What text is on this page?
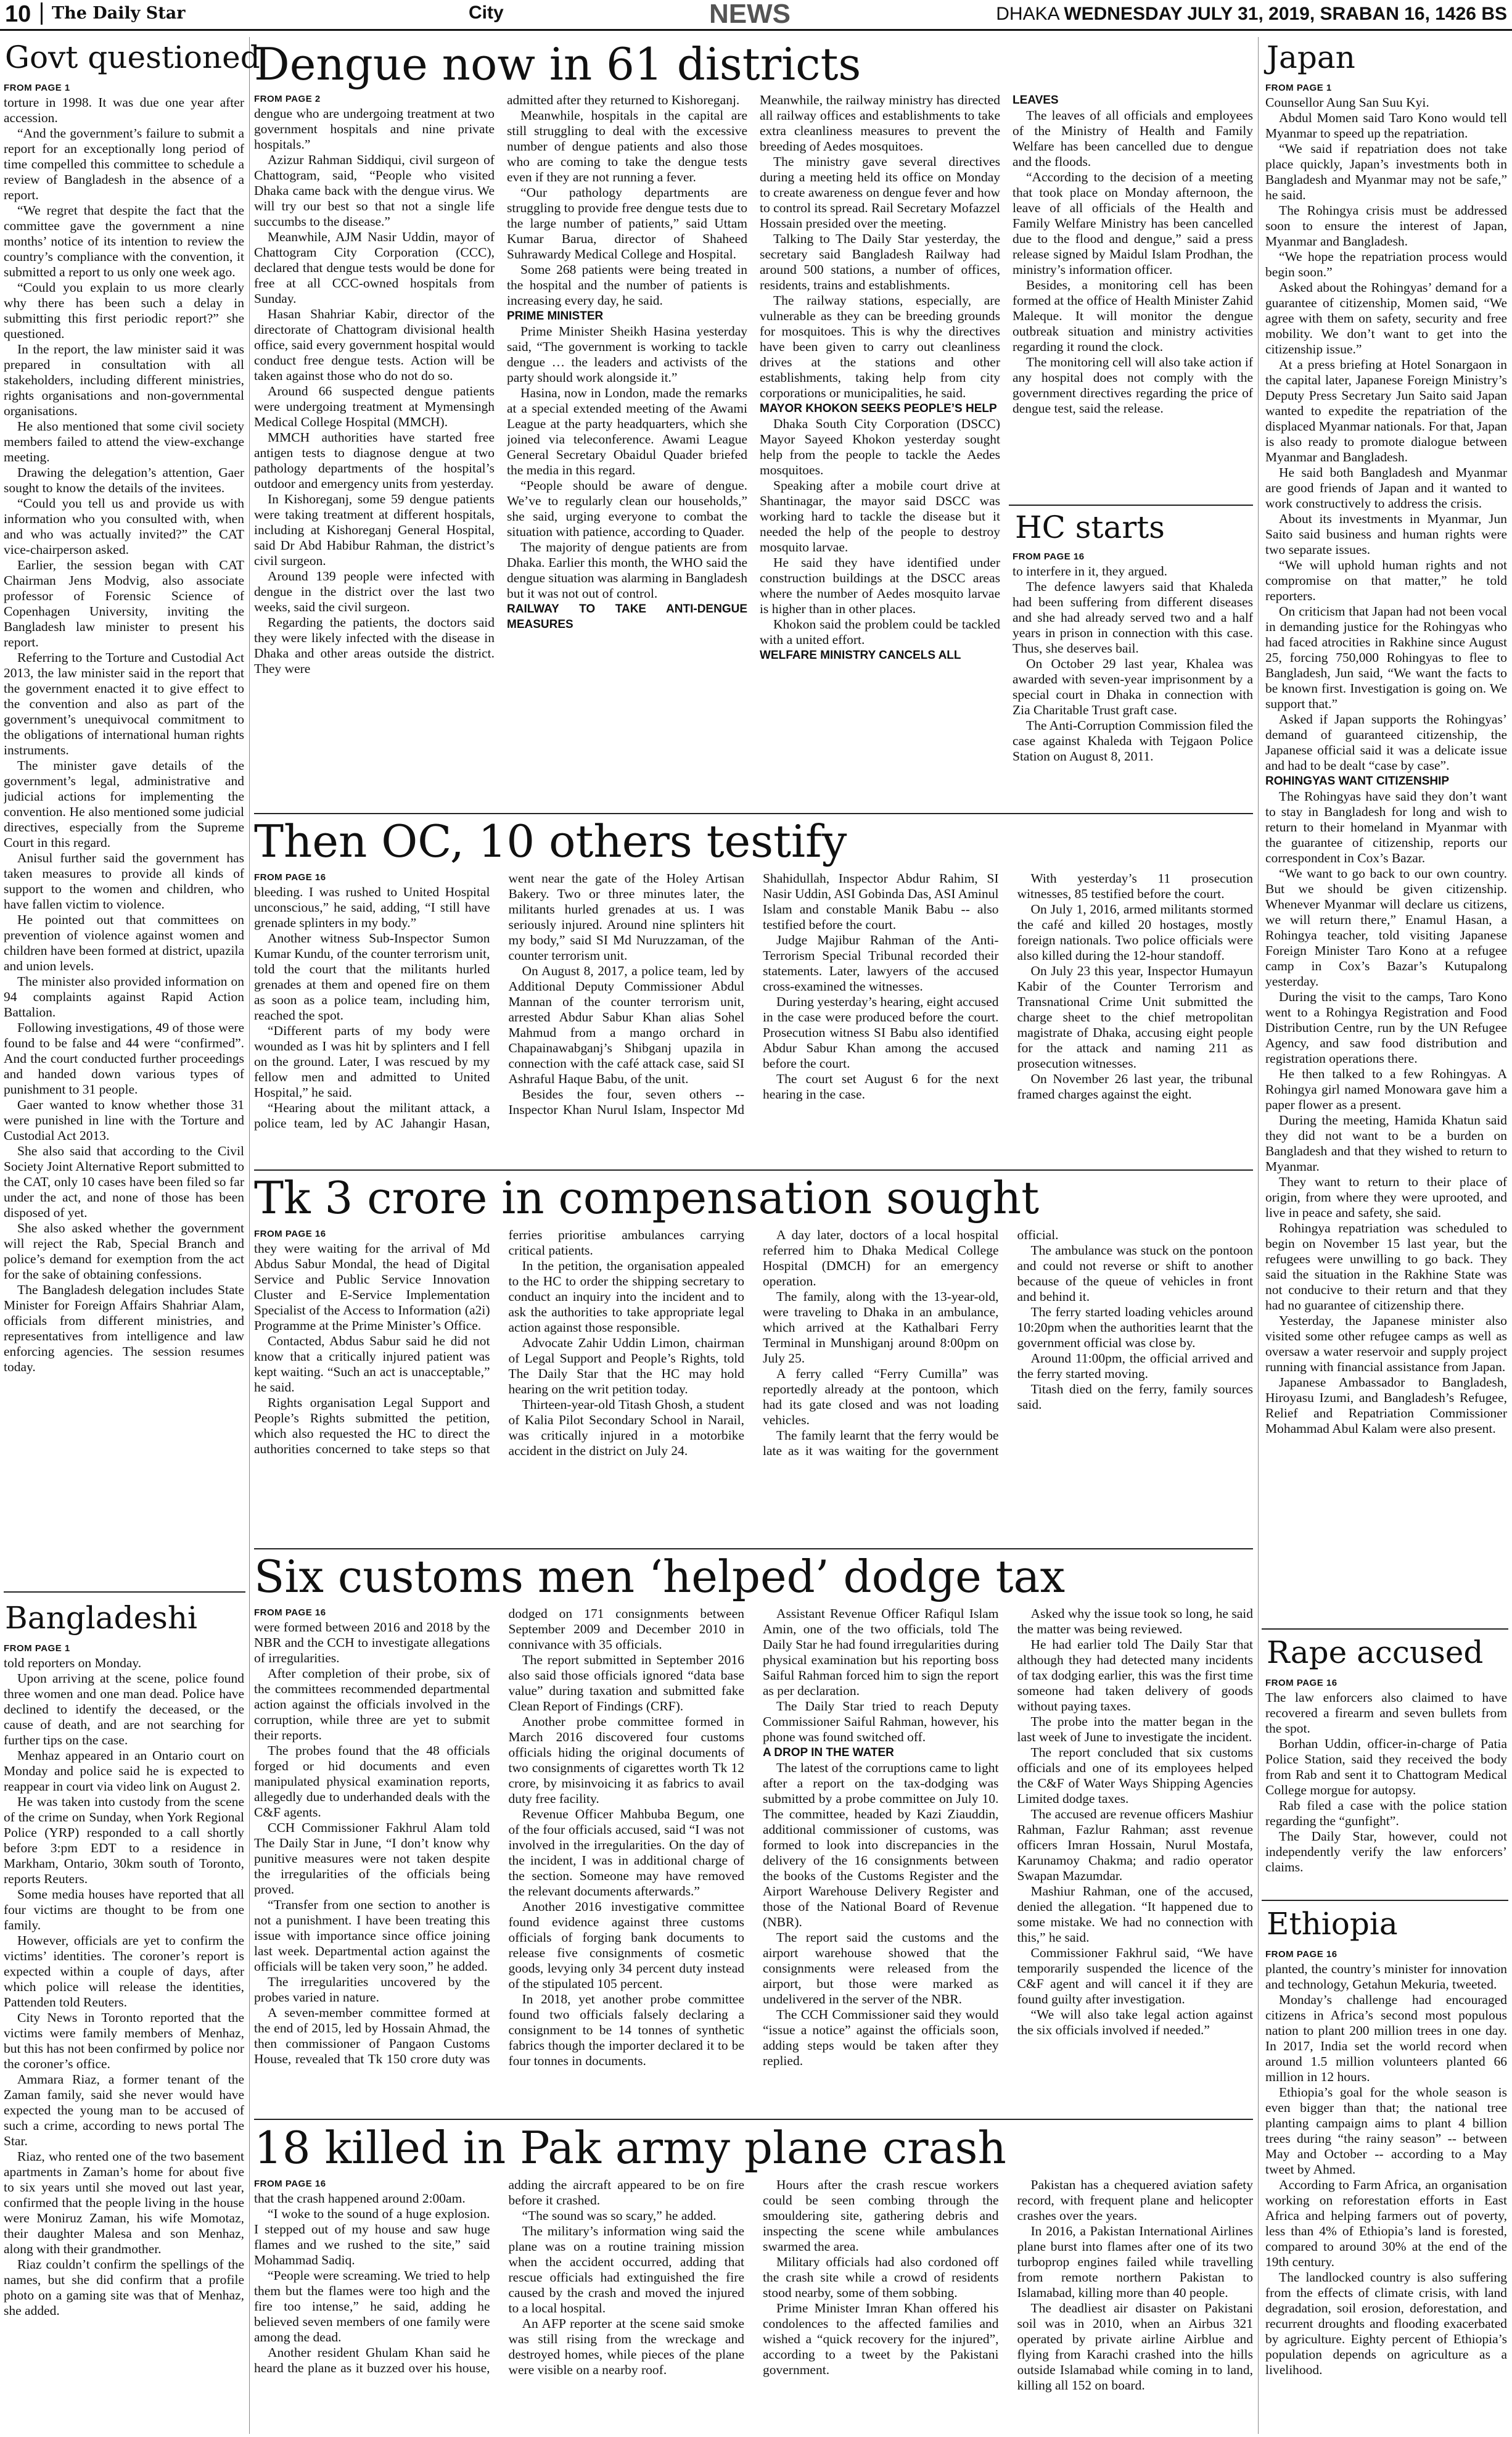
10 The Daily Star	City	NEWS	DHAKA WEDNESDAY JULY 31, 2019, SRABAN 16, 1426 BS
Govt questioned
Bangladeshi
Dengue now in 61 districts
HC starts
Japan
Rape accused
Ethiopia
Then OC, 10 others testify
Tk 3 crore in compensation sought
Six customs men ‘helped’ dodge tax
18 killed in Pak army plane crash

FROM PAGE 1

torture in 1998. It was due one year after accession.

“And the government’s failure to submit a report for an exceptionally long period of time compelled this committee to schedule a review of Bangladesh in the absence of a report.

“We regret that despite the fact that the committee gave the government a nine months’ notice of its intention to review the country’s compliance with the convention, it submitted a report to us only one week ago.

“Could you explain to us more clearly why there has been such a delay in submitting this first periodic report?” she questioned.

In the report, the law minister said it was prepared in consultation with all stakeholders, including different ministries, rights organisations and non-governmental organisations.

He also mentioned that some civil society members failed to attend the view-exchange meeting.

Drawing the delegation’s attention, Gaer sought to know the details of the invitees.

“Could you tell us and provide us with information who you consulted with, when and who was actually invited?” the CAT vice-chairperson asked.

Earlier, the session began with CAT Chairman Jens Modvig, also associate professor of Forensic Science of Copenhagen University, inviting the Bangladesh law minister to present his report.

Referring to the Torture and Custodial Act 2013, the law minister said in the report that the government enacted it to give effect to the convention and also as part of the government’s unequivocal commitment to the obligations of international human rights instruments.

The minister gave details of the government’s legal, administrative and judicial actions for implementing the convention. He also mentioned some judicial directives, especially from the Supreme Court in this regard.

Anisul further said the government has taken measures to provide all kinds of support to the women and children, who have fallen victim to violence.

He pointed out that committees on prevention of violence against women and children have been formed at district, upazila and union levels.

The minister also provided information on 94 complaints against Rapid Action Battalion.

Following investigations, 49 of those were found to be false and 44 were “confirmed”. And the court conducted further proceedings and handed down various types of punishment to 31 people.

Gaer wanted to know whether those 31 were punished in line with the Torture and Custodial Act 2013.

She also said that according to the Civil Society Joint Alternative Report submitted to the CAT, only 10 cases have been filed so far under the act, and none of those has been disposed of yet.

She also asked whether the government will reject the Rab, Special Branch and police’s demand for exemption from the act for the sake of obtaining confessions.

The Bangladesh delegation includes State Minister for Foreign Affairs Shahriar Alam, officials from different ministries, and representatives from intelligence and law enforcing agencies. The session resumes today.

FROM PAGE 1

told reporters on Monday.

Upon arriving at the scene, police found three women and one man dead. Police have declined to identify the deceased, or the cause of death, and are not searching for further tips on the case.

Menhaz appeared in an Ontario court on Monday and police said he is expected to reappear in court via video link on August 2.

He was taken into custody from the scene of the crime on Sunday, when York Regional Police (YRP) responded to a call shortly before 3:pm EDT to a residence in Markham, Ontario, 30km south of Toronto, reports Reuters.

Some media houses have reported that all four victims are thought to be from one family.

However, officials are yet to confirm the victims’ identities. The coroner’s report is expected within a couple of days, after which police will release the identities, Pattenden told Reuters.

City News in Toronto reported that the victims were family members of Menhaz, but this has not been confirmed by police nor the coroner’s office.

Ammara Riaz, a former tenant of the Zaman family, said she never would have expected the young man to be accused of such a crime, according to news portal The Star.

Riaz, who rented one of the two basement apartments in Zaman’s home for about five to six years until she moved out last year, confirmed that the people living in the house were Moniruz Zaman, his wife Momotaz, their daughter Malesa and son Menhaz, along with their grandmother.

Riaz couldn’t confirm the spellings of the names, but she did confirm that a profile photo on a gaming site was that of Menhaz, she added.

FROM PAGE 2

dengue who are undergoing treatment at two government hospitals and nine private hospitals.”

Azizur Rahman Siddiqui, civil surgeon of Chattogram, said, “People who visited Dhaka came back with the dengue virus. We will try our best so that not a single life succumbs to the disease.”

Meanwhile, AJM Nasir Uddin, mayor of Chattogram City Corporation (CCC), declared that dengue tests would be done for free at all CCC-owned hospitals from Sunday.

Hasan Shahriar Kabir, director of the directorate of Chattogram divisional health office, said every government hospital would conduct free dengue tests. Action will be taken against those who do not do so.

Around 66 suspected dengue patients were undergoing treatment at Mymensingh Medical College Hospital (MMCH).

MMCH authorities have started free antigen tests to diagnose dengue at two pathology departments of the hospital’s outdoor and emergency units from yesterday.

In Kishoreganj, some 59 dengue patients were taking treatment at different hospitals, including at Kishoreganj General Hospital, said Dr Abd Habibur Rahman, the district’s civil surgeon.

Around 139 people were infected with dengue in the district over the last two weeks, said the civil surgeon.

Regarding the patients, the doctors said they were likely infected with the disease in Dhaka and other areas outside the district. They were

admitted after they returned to Kishoreganj.

Meanwhile, hospitals in the capital are still struggling to deal with the excessive number of dengue patients and also those who are coming to take the dengue tests even if they are not running a fever.

“Our pathology departments are struggling to provide free dengue tests due to the large number of patients,” said Uttam Kumar Barua, director of Shaheed Suhrawardy Medical College and Hospital.

Some 268 patients were being treated in the hospital and the number of patients is increasing every day, he said.

PRIME MINISTER

Prime Minister Sheikh Hasina yesterday said, “The government is working to tackle dengue … the leaders and activists of the party should work alongside it.”

Hasina, now in London, made the remarks at a special extended meeting of the Awami League at the party headquarters, which she joined via teleconference. Awami League General Secretary Obaidul Quader briefed the media in this regard.

“People should be aware of dengue. We’ve to regularly clean our households,” she said, urging everyone to combat the situation with patience, according to Quader.

The majority of dengue patients are from Dhaka. Earlier this month, the WHO said the dengue situation was alarming in Bangladesh but it was not out of control.

RAILWAY TO TAKE ANTI-DENGUE MEASURES

Meanwhile, the railway ministry has directed all railway offices and establishments to take extra cleanliness measures to prevent the breeding of Aedes mosquitoes.

The ministry gave several directives during a meeting held its office on Monday to create awareness on dengue fever and how to control its spread. Rail Secretary Mofazzel Hossain presided over the meeting.

Talking to The Daily Star yesterday, the secretary said Bangladesh Railway had around 500 stations, a number of offices, residents, trains and establishments.

The railway stations, especially, are vulnerable as they can be breeding grounds for mosquitoes. This is why the directives have been given to carry out cleanliness drives at the stations and other establishments, taking help from city corporations or municipalities, he said.

MAYOR KHOKON SEEKS PEOPLE’S HELP

Dhaka South City Corporation (DSCC) Mayor Sayeed Khokon yesterday sought help from the people to tackle the Aedes mosquitoes.

Speaking after a mobile court drive at Shantinagar, the mayor said DSCC was working hard to tackle the disease but it needed the help of the people to destroy mosquito larvae.

He said they have identified under construction buildings at the DSCC areas where the number of Aedes mosquito larvae is higher than in other places.

Khokon said the problem could be tackled with a united effort.

WELFARE MINISTRY CANCELS ALL

LEAVES

The leaves of all officials and employees of the Ministry of Health and Family Welfare has been cancelled due to dengue and the floods.

“According to the decision of a meeting that took place on Monday afternoon, the leave of all officials of the Health and Family Welfare Ministry has been cancelled due to the flood and dengue,” said a press release signed by Maidul Islam Prodhan, the ministry’s information officer.

Besides, a monitoring cell has been formed at the office of Health Minister Zahid Maleque. It will monitor the dengue outbreak situation and ministry activities regarding it round the clock.

The monitoring cell will also take action if any hospital does not comply with the government directives regarding the price of dengue test, said the release.

FROM PAGE 16

to interfere in it, they argued.

The defence lawyers said that Khaleda had been suffering from different diseases and she had already served two and a half years in prison in connection with this case. Thus, she deserves bail.

On October 29 last year, Khalea was awarded with seven-year imprisonment by a special court in Dhaka in connection with Zia Charitable Trust graft case.

The Anti-Corruption Commission filed the case against Khaleda with Tejgaon Police Station on August 8, 2011.

FROM PAGE 1

Counsellor Aung San Suu Kyi.

Abdul Momen said Taro Kono would tell Myanmar to speed up the repatriation.

“We said if repatriation does not take place quickly, Japan’s investments both in Bangladesh and Myanmar may not be safe,” he said.

The Rohingya crisis must be addressed soon to ensure the interest of Japan, Myanmar and Bangladesh.

“We hope the repatriation process would begin soon.”

Asked about the Rohingyas’ demand for a guarantee of citizenship, Momen said, “We agree with them on safety, security and free mobility. We don’t want to get into the citizenship issue.”

At a press briefing at Hotel Sonargaon in the capital later, Japanese Foreign Ministry’s Deputy Press Secretary Jun Saito said Japan wanted to expedite the repatriation of the displaced Myanmar nationals. For that, Japan is also ready to promote dialogue between Myanmar and Bangladesh.

He said both Bangladesh and Myanmar are good friends of Japan and it wanted to work constructively to address the crisis.

About its investments in Myanmar, Jun Saito said business and human rights were two separate issues.

“We will uphold human rights and not compromise on that matter,” he told reporters.

On criticism that Japan had not been vocal in demanding justice for the Rohingyas who had faced atrocities in Rakhine since August 25, forcing 750,000 Rohingyas to flee to Bangladesh, Jun said, “We want the facts to be known first. Investigation is going on. We support that.”

Asked if Japan supports the Rohingyas’ demand of guaranteed citizenship, the Japanese official said it was a delicate issue and had to be dealt “case by case”.

ROHINGYAS WANT CITIZENSHIP

The Rohingyas have said they don’t want to stay in Bangladesh for long and wish to return to their homeland in Myanmar with the guarantee of citizenship, reports our correspondent in Cox’s Bazar.

“We want to go back to our own country. But we should be given citizenship. Whenever Myanmar will declare us citizens, we will return there,” Enamul Hasan, a Rohingya teacher, told visiting Japanese Foreign Minister Taro Kono at a refugee camp in Cox’s Bazar’s Kutupalong yesterday.

During the visit to the camps, Taro Kono went to a Rohingya Registration and Food Distribution Centre, run by the UN Refugee Agency, and saw food distribution and registration operations there.

He then talked to a few Rohingyas. A Rohingya girl named Monowara gave him a paper flower as a present.

During the meeting, Hamida Khatun said they did not want to be a burden on Bangladesh and that they wished to return to Myanmar.

They want to return to their place of origin, from where they were uprooted, and live in peace and safety, she said.

Rohingya repatriation was scheduled to begin on November 15 last year, but the refugees were unwilling to go back. They said the situation in the Rakhine State was not conducive to their return and that they had no guarantee of citizenship there.

Yesterday, the Japanese minister also visited some other refugee camps as well as oversaw a water reservoir and supply project running with financial assistance from Japan.

Japanese Ambassador to Bangladesh, Hiroyasu Izumi, and Bangladesh’s Refugee, Relief and Repatriation Commissioner Mohammad Abul Kalam were also present.

FROM PAGE 16

The law enforcers also claimed to have recovered a firearm and seven bullets from the spot.

Borhan Uddin, officer-in-charge of Patia Police Station, said they received the body from Rab and sent it to Chattogram Medical College morgue for autopsy.

Rab filed a case with the police station regarding the “gunfight”.

The Daily Star, however, could not independently verify the law enforcers’ claims.

FROM PAGE 16

planted, the country’s minister for innovation and technology, Getahun Mekuria, tweeted.

Monday’s challenge had encouraged citizens in Africa’s second most populous nation to plant 200 million trees in one day. In 2017, India set the world record when around 1.5 million volunteers planted 66 million in 12 hours.

Ethiopia’s goal for the whole season is even bigger than that; the national tree planting campaign aims to plant 4 billion trees during “the rainy season” -- between May and October -- according to a May tweet by Ahmed.

According to Farm Africa, an organisation working on reforestation efforts in East Africa and helping farmers out of poverty, less than 4% of Ethiopia’s land is forested, compared to around 30% at the end of the 19th century.

The landlocked country is also suffering from the effects of climate crisis, with land degradation, soil erosion, deforestation, and recurrent droughts and flooding exacerbated by agriculture. Eighty percent of Ethiopia’s population depends on agriculture as a livelihood.

FROM PAGE 16

bleeding. I was rushed to United Hospital unconscious,” he said, adding, “I still have grenade splinters in my body.”

Another witness Sub-Inspector Sumon Kumar Kundu, of the counter terrorism unit, told the court that the militants hurled grenades at them and opened fire on them as soon as a police team, including him, reached the spot.

“Different parts of my body were wounded as I was hit by splinters and I fell on the ground. Later, I was rescued by my fellow men and admitted to United Hospital,” he said.

“Hearing about the militant attack, a police team, led by AC Jahangir Hasan, went near the gate of the Holey Artisan Bakery. Two or three minutes later, the militants hurled grenades at us. I was seriously injured. Around nine splinters hit my body,” said SI Md Nuruzzaman, of the counter terrorism unit.

On August 8, 2017, a police team, led by Additional Deputy Commissioner Abdul Mannan of the counter terrorism unit, arrested Abdur Sabur Khan alias Sohel Mahmud from a mango orchard in Chapainawabganj’s Shibganj upazila in connection with the café attack case, said SI Ashraful Haque Babu, of the unit.

Besides the four, seven others -- Inspector Khan Nurul Islam, Inspector Md Shahidullah, Inspector Abdur Rahim, SI Nasir Uddin, ASI Gobinda Das, ASI Aminul Islam and constable Manik Babu -- also testified before the court.

Judge Majibur Rahman of the Anti-Terrorism Special Tribunal recorded their statements. Later, lawyers of the accused cross-examined the witnesses.

During yesterday’s hearing, eight accused in the case were produced before the court. Prosecution witness SI Babu also identified Abdur Sabur Khan among the accused before the court.

The court set August 6 for the next hearing in the case.

With yesterday’s 11 prosecution witnesses, 85 testified before the court.

On July 1, 2016, armed militants stormed the café and killed 20 hostages, mostly foreign nationals. Two police officials were also killed during the 12-hour standoff.

On July 23 this year, Inspector Humayun Kabir of the Counter Terrorism and Transnational Crime Unit submitted the charge sheet to the chief metropolitan magistrate of Dhaka, accusing eight people for the attack and naming 211 as prosecution witnesses.

On November 26 last year, the tribunal framed charges against the eight.

FROM PAGE 16

they were waiting for the arrival of Md Abdus Sabur Mondal, the head of Digital Service and Public Service Innovation Cluster and E-Service Implementation Specialist of the Access to Information (a2i) Programme at the Prime Minister’s Office.

Contacted, Abdus Sabur said he did not know that a critically injured patient was kept waiting. “Such an act is unacceptable,” he said.

Rights organisation Legal Support and People’s Rights submitted the petition, which also requested the HC to direct the authorities concerned to take steps so that ferries prioritise ambulances carrying critical patients.

In the petition, the organisation appealed to the HC to order the shipping secretary to conduct an inquiry into the incident and to ask the authorities to take appropriate legal action against those responsible.

Advocate Zahir Uddin Limon, chairman of Legal Support and People’s Rights, told The Daily Star that the HC may hold hearing on the writ petition today.

Thirteen-year-old Titash Ghosh, a student of Kalia Pilot Secondary School in Narail, was critically injured in a motorbike accident in the district on July 24.

A day later, doctors of a local hospital referred him to Dhaka Medical College Hospital (DMCH) for an emergency operation.

The family, along with the 13-year-old, were traveling to Dhaka in an ambulance, which arrived at the Kathalbari Ferry Terminal in Munshiganj around 8:00pm on July 25.

A ferry called “Ferry Cumilla” was reportedly already at the pontoon, which had its gate closed and was not loading vehicles.

The family learnt that the ferry would be late as it was waiting for the government official.

The ambulance was stuck on the pontoon and could not reverse or shift to another because of the queue of vehicles in front and behind it.

The ferry started loading vehicles around 10:20pm when the authorities learnt that the government official was close by.

Around 11:00pm, the official arrived and the ferry started moving.

Titash died on the ferry, family sources said.

FROM PAGE 16

were formed between 2016 and 2018 by the NBR and the CCH to investigate allegations of irregularities.

After completion of their probe, six of the committees recommended departmental action against the officials involved in the corruption, while three are yet to submit their reports.

The probes found that the 48 officials forged or hid documents and even manipulated physical examination reports, allegedly due to underhanded deals with the C&F agents.

CCH Commissioner Fakhrul Alam told The Daily Star in June, “I don’t know why punitive measures were not taken despite the irregularities of the officials being proved.

“Transfer from one section to another is not a punishment. I have been treating this issue with importance since office joining last week. Departmental action against the officials will be taken very soon,” he added.

The irregularities uncovered by the probes varied in nature.

A seven-member committee formed at the end of 2015, led by Hossain Ahmad, the then commissioner of Pangaon Customs House, revealed that Tk 150 crore duty was dodged on 171 consignments between September 2009 and December 2010 in connivance with 35 officials.

The report submitted in September 2016 also said those officials ignored “data base value” during taxation and submitted fake Clean Report of Findings (CRF).

Another probe committee formed in March 2016 discovered four customs officials hiding the original documents of two consignments of cigarettes worth Tk 12 crore, by misinvoicing it as fabrics to avail duty free facility.

Revenue Officer Mahbuba Begum, one of the four officials accused, said “I was not involved in the irregularities. On the day of the incident, I was in additional charge of the section. Someone may have removed the relevant documents afterwards.”

Another 2016 investigative committee found evidence against three customs officials of forging bank documents to release five consignments of cosmetic goods, levying only 34 percent duty instead of the stipulated 105 percent.

In 2018, yet another probe committee found two officials falsely declaring a consignment to be 14 tonnes of synthetic fabrics though the importer declared it to be four tonnes in documents.

Assistant Revenue Officer Rafiqul Islam Amin, one of the two officials, told The Daily Star he had found irregularities during physical examination but his reporting boss Saiful Rahman forced him to sign the report as per declaration.

The Daily Star tried to reach Deputy Commissioner Saiful Rahman, however, his phone was found switched off.

A DROP IN THE WATER

The latest of the corruptions came to light after a report on the tax-dodging was submitted by a probe committee on July 10. The committee, headed by Kazi Ziauddin, additional commissioner of customs, was formed to look into discrepancies in the delivery of the 16 consignments between the books of the Customs Register and the Airport Warehouse Delivery Register and those of the National Board of Revenue (NBR).

The report said the customs and the airport warehouse showed that the consignments were released from the airport, but those were marked as undelivered in the server of the NBR.

The CCH Commissioner said they would “issue a notice” against the officials soon, adding steps would be taken after they replied.

Asked why the issue took so long, he said the matter was being reviewed.

He had earlier told The Daily Star that although they had detected many incidents of tax dodging earlier, this was the first time someone had taken delivery of goods without paying taxes.

The probe into the matter began in the last week of June to investigate the incident.

The report concluded that six customs officials and one of its employees helped the C&F of Water Ways Shipping Agencies Limited dodge taxes.

The accused are revenue officers Mashiur Rahman, Fazlur Rahman; asst revenue officers Imran Hossain, Nurul Mostafa, Karunamoy Chakma; and radio operator Swapan Mazumdar.

Mashiur Rahman, one of the accused, denied the allegation. “It happened due to some mistake. We had no connection with this,” he said.

Commissioner Fakhrul said, “We have temporarily suspended the licence of the C&F agent and will cancel it if they are found guilty after investigation.

“We will also take legal action against the six officials involved if needed.”

FROM PAGE 16

that the crash happened around 2:00am.

“I woke to the sound of a huge explosion. I stepped out of my house and saw huge flames and we rushed to the site,” said Mohammad Sadiq.

“People were screaming. We tried to help them but the flames were too high and the fire too intense,” he said, adding he believed seven members of one family were among the dead.

Another resident Ghulam Khan said he heard the plane as it buzzed over his house, adding the aircraft appeared to be on fire before it crashed.

“The sound was so scary,” he added.

The military’s information wing said the plane was on a routine training mission when the accident occurred, adding that rescue officials had extinguished the fire caused by the crash and moved the injured to a local hospital.

An AFP reporter at the scene said smoke was still rising from the wreckage and destroyed homes, while pieces of the plane were visible on a nearby roof.

Hours after the crash rescue workers could be seen combing through the smouldering site, gathering debris and inspecting the scene while ambulances swarmed the area.

Military officials had also cordoned off the crash site while a crowd of residents stood nearby, some of them sobbing.

Prime Minister Imran Khan offered his condolences to the affected families and wished a “quick recovery for the injured”, according to a tweet by the Pakistani government.

Pakistan has a chequered aviation safety record, with frequent plane and helicopter crashes over the years.

In 2016, a Pakistan International Airlines plane burst into flames after one of its two turboprop engines failed while travelling from remote northern Pakistan to Islamabad, killing more than 40 people.

The deadliest air disaster on Pakistani soil was in 2010, when an Airbus 321 operated by private airline Airblue and flying from Karachi crashed into the hills outside Islamabad while coming in to land, killing all 152 on board.
